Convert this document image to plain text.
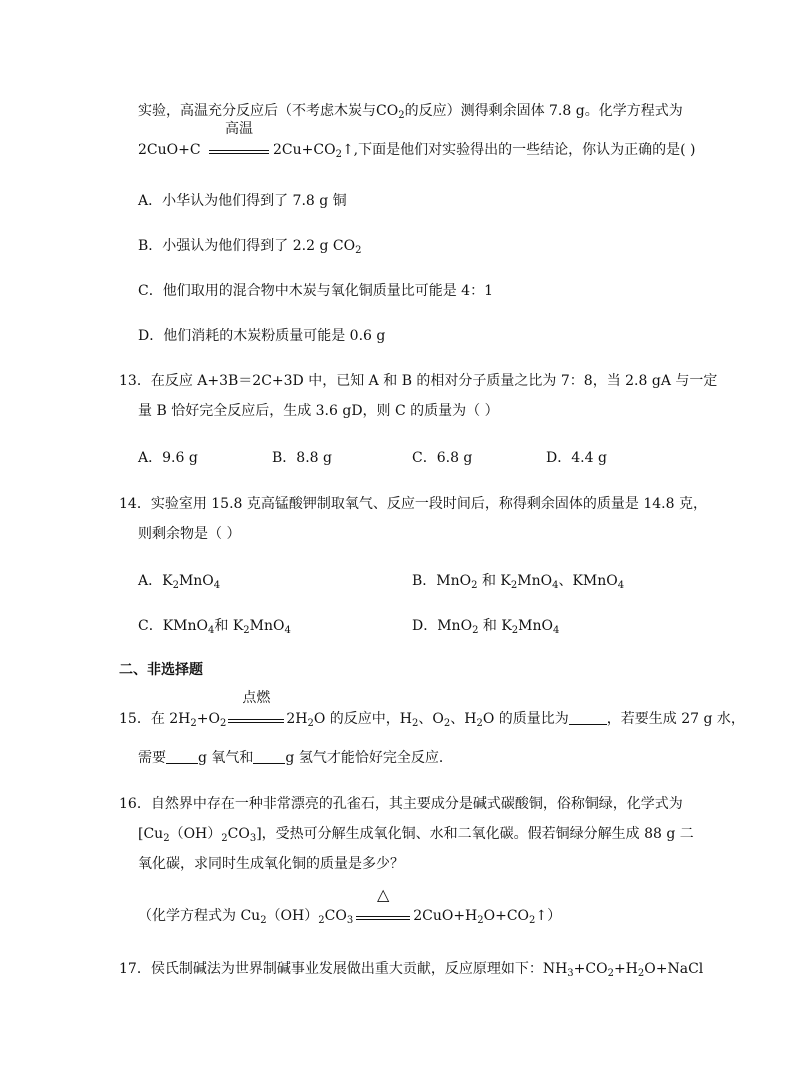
实验，高温充分反应后（不考虑木炭与$CO_2$的反应）测得剩余固体 7.8 g。化学方程式为
2CuO+C
高温
$2Cu+CO_2↑$,下面是他们对实验得出的一些结论，你认为正确的是( )
A．小华认为他们得到了 7.8 g 铜
B．小强认为他们得到了 2.2 g $CO_2$
C．他们取用的混合物中木炭与氧化铜质量比可能是 4：1
D．他们消耗的木炭粉质量可能是 0.6 g
13．在反应 A+3B＝2C+3D 中，已知 A 和 B 的相对分子质量之比为 7：8，当 2.8 gA 与一定
量 B 恰好完全反应后，生成 3.6 gD，则 C 的质量为（ ）
A．9.6 g	B．8.8 g	C．6.8 g	D．4.4 g
14．实验室用 15.8 克高锰酸钾制取氧气、反应一段时间后，称得剩余固体的质量是 14.8 克，
则剩余物是（ ）
A．$K_2MnO_4$	B．MnO$_2$ 和 $K_2MnO_4$、KMnO$_4$
C．KMnO$_4$和 $K_2MnO_4$	D．MnO$_2$ 和 $K_2MnO_4$
二、非选择题
15．在 $2H_2+O_2$
点燃
$2H_2O$ 的反应中，$H_2$、$O_2$、$H_2O$ 的质量比为	，若要生成 27 g 水，
需要 g 氧气和 g 氢气才能恰好完全反应．
16．自然界中存在一种非常漂亮的孔雀石，其主要成分是碱式碳酸铜，俗称铜绿，化学式为
$[Cu_2(OH)_2CO_3]$，受热可分解生成氧化铜、水和二氧化碳。假若铜绿分解生成 88 g 二
氧化碳，求同时生成氧化铜的质量是多少？
（化学方程式为 $Cu_2(OH)_2CO_3$
△
$2CuO+H_2O+CO_2↑$）
17．侯氏制碱法为世界制碱事业发展做出重大贡献，反应原理如下：$NH_3+CO_2+H_2O+NaCl$
